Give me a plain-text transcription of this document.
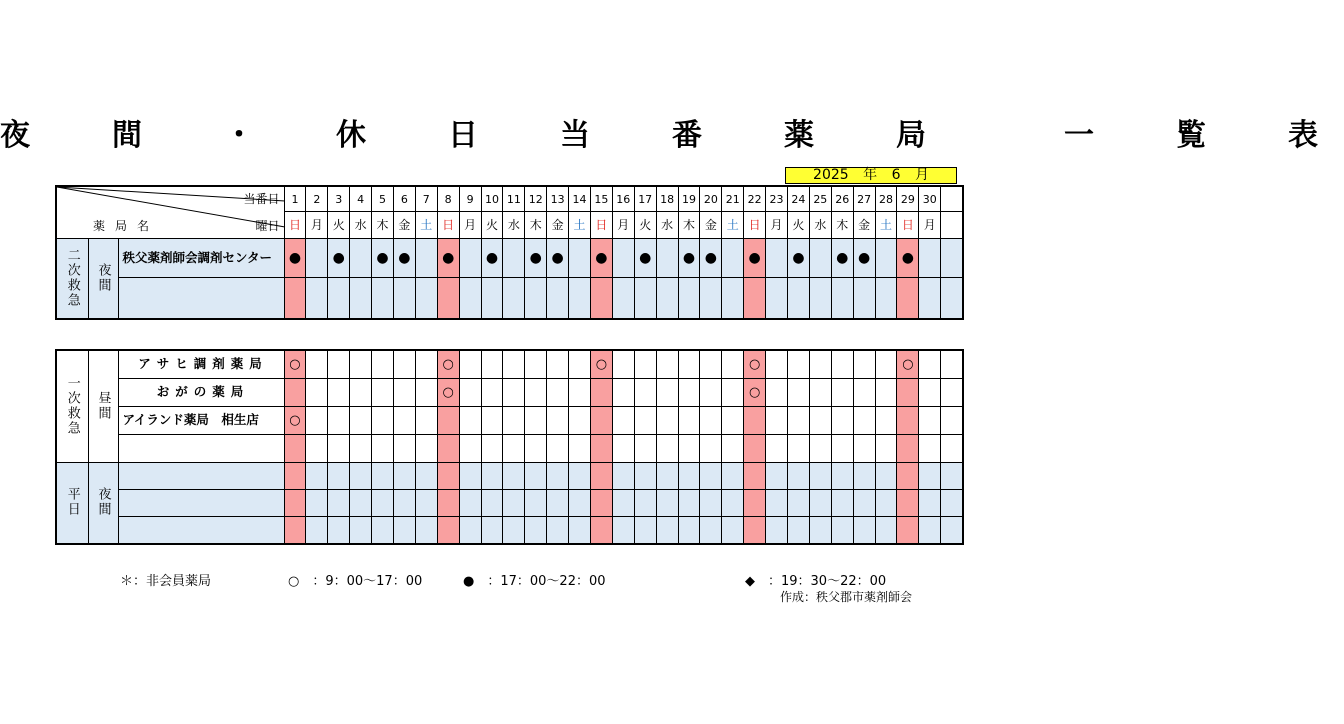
夜　間　・　休　日　当　番　薬　局　　一　覧　表
2025 年 6 月
当番日
曜日
薬局名			1	2	3	4	5	6	7	8	9	10	11	12	13	14	15	16	17	18	19	20	21	22	23	24	25	26	27	28	29	30	
			日	月	火	水	木	金	土	日	月	火	水	木	金	土	日	月	火	水	木	金	土	日	月	火	水	木	金	土	日	月	
二次救急	夜間	秩父薬剤師会調剤センター	●		●		●	●		●		●		●	●		●		●		●	●		●		●		●	●		●		

一次救急	昼間	アサヒ調剤薬局	○							○							○							○							○		
		おがの薬局								○														○									
		アイランド薬局　相生店	○																														

平日	夜間																																

＊：非会員薬局	○　：9：00〜17：00	●　：17：00〜22：00	◆　：19：30〜22：00
作成：秩父郡市薬剤師会
